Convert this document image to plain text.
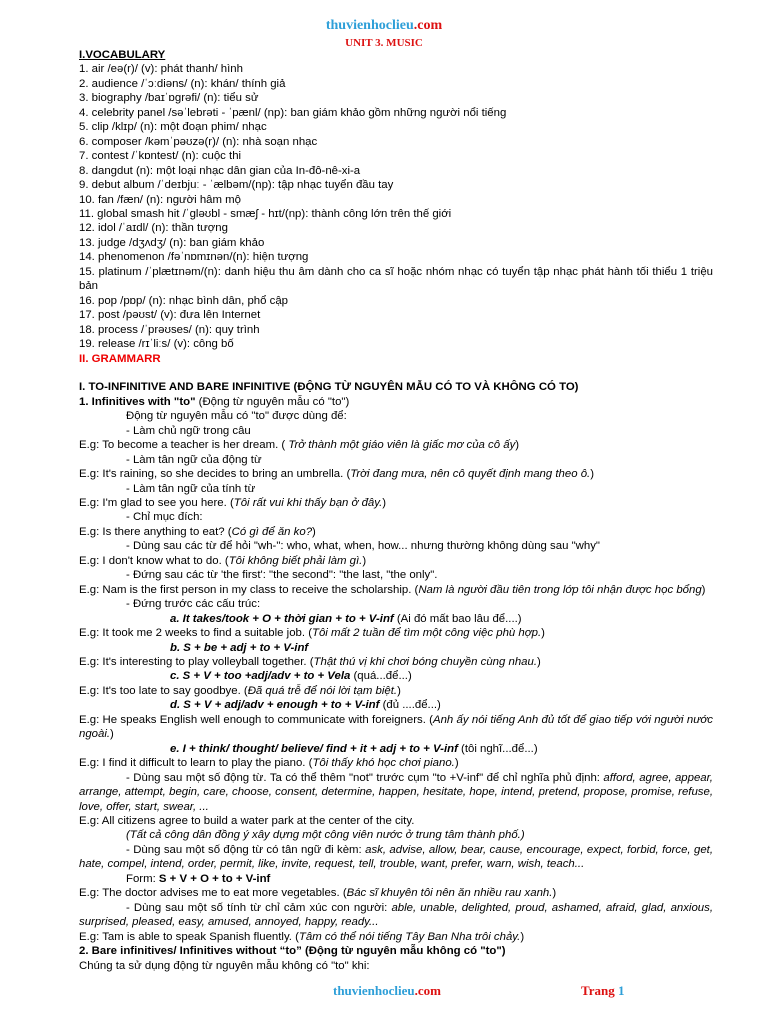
thuvienhoclieu.com
UNIT 3. MUSIC
I.VOCABULARY
1. air /eə(r)/ (v): phát thanh/ hình
2. audience /ˈɔːdiəns/ (n): khán/ thính giả
3. biography /baɪˈɒgrəfi/ (n): tiểu sử
4. celebrity panel /səˈlebrəti - ˈpænl/ (np): ban giám khảo gồm những người nổi tiếng
5. clip /klɪp/ (n): một đoạn phim/ nhạc
6. composer /kəmˈpəʊzə(r)/ (n): nhà soạn nhạc
7. contest /ˈkɒntest/ (n): cuộc thi
8. dangdut (n): một loại nhạc dân gian của In-đô-nê-xi-a
9. debut album /ˈdeɪbjuː - ˈælbəm/(np): tập nhạc tuyển đầu tay
10. fan /fæn/ (n): người hâm mộ
11. global smash hit /ˈgləʊbl - smæʃ - hɪt/(np): thành công lớn trên thế giới
12. idol /ˈaɪdl/ (n): thần tượng
13. judge /dʒʌdʒ/ (n): ban giám khảo
14. phenomenon /fəˈnɒmɪnən/(n): hiện tượng
15. platinum /ˈplætɪnəm/(n): danh hiệu thu âm dành cho ca sĩ hoặc nhóm nhạc có tuyển tập nhạc phát hành tối thiểu 1 triệu bản
16. pop /pɒp/ (n): nhạc bình dân, phổ cập
17. post /pəʊst/ (v): đưa lên Internet
18. process /ˈprəʊses/ (n): quy trình
19. release /rɪˈliːs/ (v): công bố
II. GRAMMARR
I. TO-INFINITIVE AND BARE INFINITIVE (ĐỘNG TỪ NGUYÊN MẪU CÓ TO VÀ KHÔNG CÓ TO)
1. Infinitives with "to" (Động từ nguyên mẫu có "to")
Động từ nguyên mẫu có "to" được dùng để:
- Làm chủ ngữ trong câu
E.g: To become a teacher is her dream. ( Trở thành một giáo viên là giấc mơ của cô ấy)
- Làm tân ngữ của động từ
E.g: It's raining, so she decides to bring an umbrella. (Trời đang mưa, nên cô quyết định mang theo ô.)
- Làm tân ngữ của tính từ
E.g: I'm glad to see you here. (Tôi rất vui khi thấy bạn ở đây.)
- Chỉ mục đích:
E.g: Is there anything to eat? (Có gì để ăn ko?)
- Dùng sau các từ để hỏi "wh-": who, what, when, how... nhưng thường không dùng sau "why"
E.g: I don't know what to do. (Tôi không biết phải làm gì.)
- Đứng sau các từ 'the first': "the second": "the last, "the only".
E.g: Nam is the first person in my class to receive the scholarship. (Nam là người đầu tiên trong lớp tôi nhận được học bổng)
- Đứng trước các cấu trúc:
a. It takes/took + O + thời gian + to + V-inf (Ai đó mất bao lâu để....)
E.g: It took me 2 weeks to find a suitable job. (Tôi mất 2 tuần để tìm một công việc phù hợp.)
b. S + be + adj + to + V-inf
E.g: It's interesting to play volleyball together. (Thật thú vị khi chơi bóng chuyền cùng nhau.)
c. S + V + too +adj/adv + to + Vela (quá...để...)
E.g: It's too late to say goodbye. (Đã quá trễ để nói lời tạm biệt.)
d. S + V + adj/adv + enough + to + V-inf (đủ ....để...)
E.g: He speaks English well enough to communicate with foreigners. (Anh ấy nói tiếng Anh đủ tốt để giao tiếp với người nước ngoài.)
e. I + think/ thought/ believe/ find + it + adj + to + V-inf (tôi nghĩ...để...)
E.g: I find it difficult to learn to play the piano. (Tôi thấy khó học chơi piano.)
- Dùng sau một số động từ. Ta có thể thêm "not" trước cụm "to +V-inf" để chỉ nghĩa phủ định: afford, agree, appear, arrange, attempt, begin, care, choose, consent, determine, happen, hesitate, hope, intend, pretend, propose, promise, refuse, love, offer, start, swear, ...
E.g: All citizens agree to build a water park at the center of the city.
(Tất cả công dân đồng ý xây dựng một công viên nước ở trung tâm thành phố.)
- Dùng sau một số động từ có tân ngữ đi kèm: ask, advise, allow, bear, cause, encourage, expect, forbid, force, get, hate, compel, intend, order, permit, like, invite, request, tell, trouble, want, prefer, warn, wish, teach...
Form: S + V + O + to + V-inf
E.g: The doctor advises me to eat more vegetables. (Bác sĩ khuyên tôi nên ăn nhiều rau xanh.)
- Dùng sau một số tính từ chỉ cảm xúc con người: able, unable, delighted, proud, ashamed, afraid, glad, anxious, surprised, pleased, easy, amused, annoyed, happy, ready...
E.g: Tam is able to speak Spanish fluently. (Tâm có thể nói tiếng Tây Ban Nha trôi chảy.)
2. Bare infinitives/ Infinitives without “to” (Động từ nguyên mẫu không có "to")
Chúng ta sử dụng động từ nguyên mẫu không có "to" khi:
thuvienhoclieu.com	Trang 1
